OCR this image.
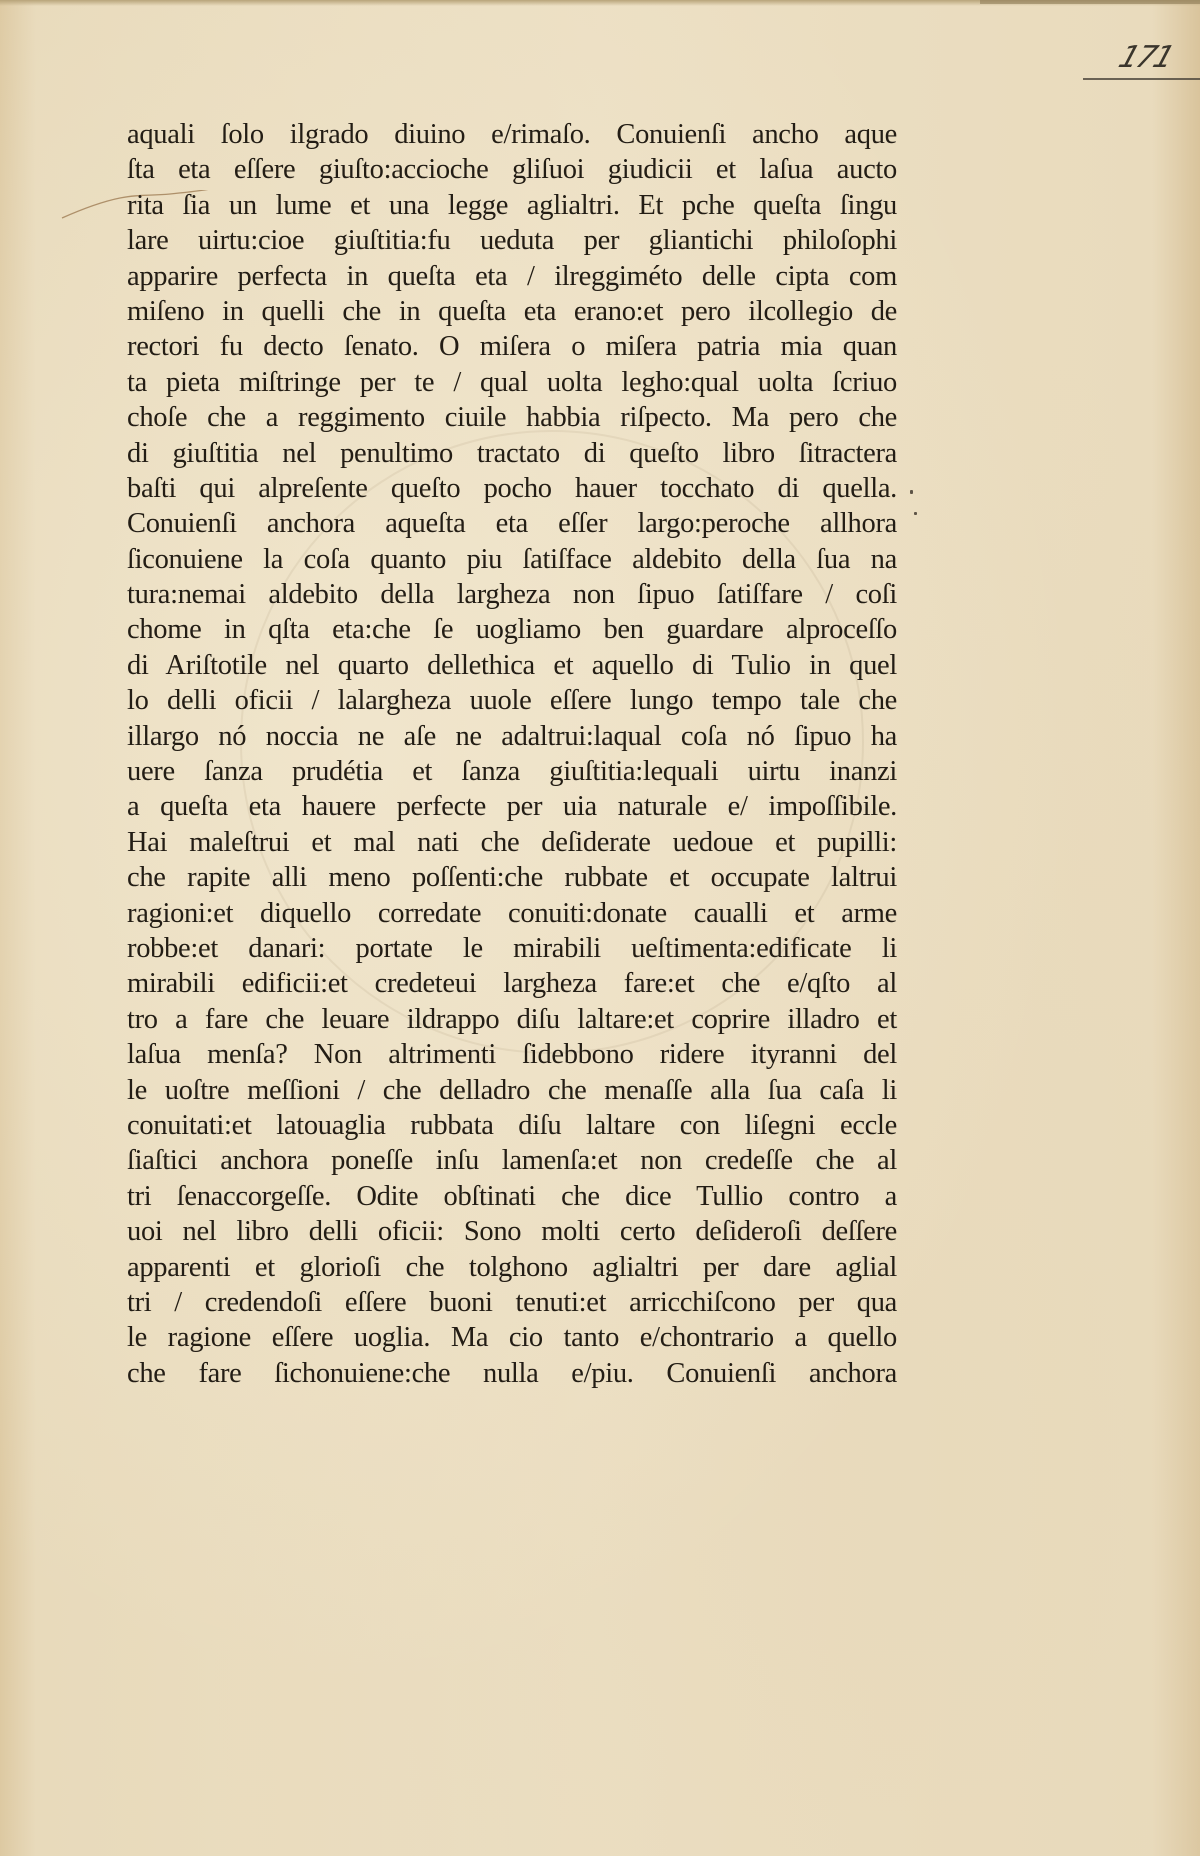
171
aquali ſolo ilgrado diuino e/rimaſo. Conuienſi ancho aque
ſta eta eſſere giuſto:accioche gliſuoi giudicii et laſua aucto
rita ſia un lume et una legge aglialtri. Et pche queſta ſingu
lare uirtu:cioe giuſtitia:fu ueduta per gliantichi philoſophi
apparire perfecta in queſta eta / ilreggiméto delle cipta com
miſeno in quelli che in queſta eta erano:et pero ilcollegio de
rectori fu decto ſenato. O miſera o miſera patria mia quan
ta pieta miſtringe per te / qual uolta legho:qual uolta ſcriuo
choſe che a reggimento ciuile habbia riſpecto. Ma pero che
di giuſtitia nel penultimo tractato di queſto libro ſitractera
baſti qui alpreſente queſto pocho hauer tocchato di quella.
Conuienſi anchora aqueſta eta eſſer largo:peroche allhora
ſiconuiene la coſa quanto piu ſatiſface aldebito della ſua na
tura:nemai aldebito della largheza non ſipuo ſatiſfare / coſi
chome in qſta eta:che ſe uogliamo ben guardare alproceſſo
di Ariſtotile nel quarto dellethica et aquello di Tulio in quel
lo delli oficii / lalargheza uuole eſſere lungo tempo tale che
illargo nó noccia ne aſe ne adaltrui:laqual coſa nó ſipuo ha
uere ſanza prudétia et ſanza giuſtitia:lequali uirtu inanzi
a queſta eta hauere perfecte per uia naturale e/ impoſſibile.
Hai maleſtrui et mal nati che deſiderate uedoue et pupilli:
che rapite alli meno poſſenti:che rubbate et occupate laltrui
ragioni:et diquello corredate conuiti:donate caualli et arme
robbe:et danari: portate le mirabili ueſtimenta:edificate li
mirabili edificii:et credeteui largheza fare:et che e/qſto al
tro a fare che leuare ildrappo diſu laltare:et coprire illadro et
laſua menſa? Non altrimenti ſidebbono ridere ityranni del
le uoſtre meſſioni / che delladro che menaſſe alla ſua caſa li
conuitati:et latouaglia rubbata diſu laltare con liſegni eccle
ſiaſtici anchora poneſſe inſu lamenſa:et non credeſſe che al
tri ſenaccorgeſſe. Odite obſtinati che dice Tullio contro a
uoi nel libro delli oficii: Sono molti certo deſideroſi deſſere
apparenti et glorioſi che tolghono aglialtri per dare aglial
tri / credendoſi eſſere buoni tenuti:et arricchiſcono per qua
le ragione eſſere uoglia. Ma cio tanto e/chontrario a quello
che fare ſichonuiene:che nulla e/piu. Conuienſi anchora
